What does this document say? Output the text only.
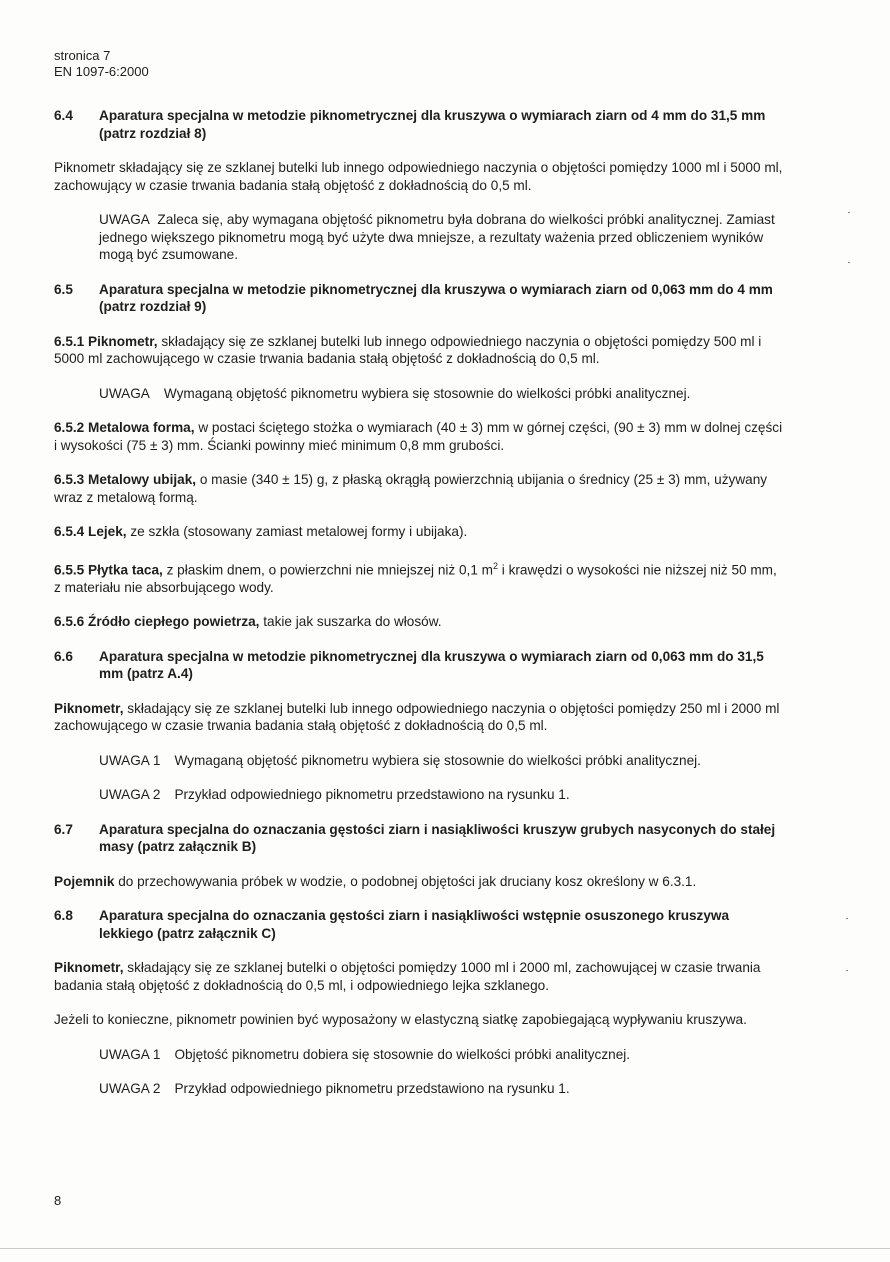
stronica 7
EN 1097-6:2000
6.4	Aparatura specjalna w metodzie piknometrycznej dla kruszywa o wymiarach ziarn od 4 mm do 31,5 mm (patrz rozdział 8)

Piknometr składający się ze szklanej butelki lub innego odpowiedniego naczynia o objętości pomiędzy 1000 ml i 5000 ml, zachowujący w czasie trwania badania stałą objętość z dokładnością do 0,5 ml.

UWAGA Zaleca się, aby wymagana objętość piknometru była dobrana do wielkości próbki analitycznej. Zamiast jednego większego piknometru mogą być użyte dwa mniejsze, a rezultaty ważenia przed obliczeniem wyników mogą być zsumowane.
6.5	Aparatura specjalna w metodzie piknometrycznej dla kruszywa o wymiarach ziarn od 0,063 mm do 4 mm (patrz rozdział 9)

6.5.1 Piknometr, składający się ze szklanej butelki lub innego odpowiedniego naczynia o objętości pomiędzy 500 ml i 5000 ml zachowującego w czasie trwania badania stałą objętość z dokładnością do 0,5 ml.

UWAGA Wymaganą objętość piknometru wybiera się stosownie do wielkości próbki analitycznej.

6.5.2 Metalowa forma, w postaci ściętego stożka o wymiarach (40 ± 3) mm w górnej części, (90 ± 3) mm w dolnej części i wysokości (75 ± 3) mm. Ścianki powinny mieć minimum 0,8 mm grubości.

6.5.3 Metalowy ubijak, o masie (340 ± 15) g, z płaską okrągłą powierzchnią ubijania o średnicy (25 ± 3) mm, używany wraz z metalową formą.

6.5.4 Lejek, ze szkła (stosowany zamiast metalowej formy i ubijaka).

6.5.5 Płytka taca, z płaskim dnem, o powierzchni nie mniejszej niż 0,1 $m^2$ i krawędzi o wysokości nie niższej niż 50 mm, z materiału nie absorbującego wody.

6.5.6 Źródło ciepłego powietrza, takie jak suszarka do włosów.

6.6	Aparatura specjalna w metodzie piknometrycznej dla kruszywa o wymiarach ziarn od 0,063 mm do 31,5 mm (patrz A.4)

Piknometr, składający się ze szklanej butelki lub innego odpowiedniego naczynia o objętości pomiędzy 250 ml i 2000 ml zachowującego w czasie trwania badania stałą objętość z dokładnością do 0,5 ml.

UWAGA 1 Wymaganą objętość piknometru wybiera się stosownie do wielkości próbki analitycznej.
UWAGA 2 Przykład odpowiedniego piknometru przedstawiono na rysunku 1.
6.7	Aparatura specjalna do oznaczania gęstości ziarn i nasiąkliwości kruszyw grubych nasyconych do stałej masy (patrz załącznik B)

Pojemnik do przechowywania próbek w wodzie, o podobnej objętości jak druciany kosz określony w 6.3.1.

6.8	Aparatura specjalna do oznaczania gęstości ziarn i nasiąkliwości wstępnie osuszonego kruszywa lekkiego (patrz załącznik C)

Piknometr, składający się ze szklanej butelki o objętości pomiędzy 1000 ml i 2000 ml, zachowującej w czasie trwania badania stałą objętość z dokładnością do 0,5 ml, i odpowiedniego lejka szklanego.

Jeżeli to konieczne, piknometr powinien być wyposażony w elastyczną siatkę zapobiegającą wypływaniu kruszywa.

UWAGA 1 Objętość piknometru dobiera się stosownie do wielkości próbki analitycznej.
UWAGA 2 Przykład odpowiedniego piknometru przedstawiono na rysunku 1.
8
